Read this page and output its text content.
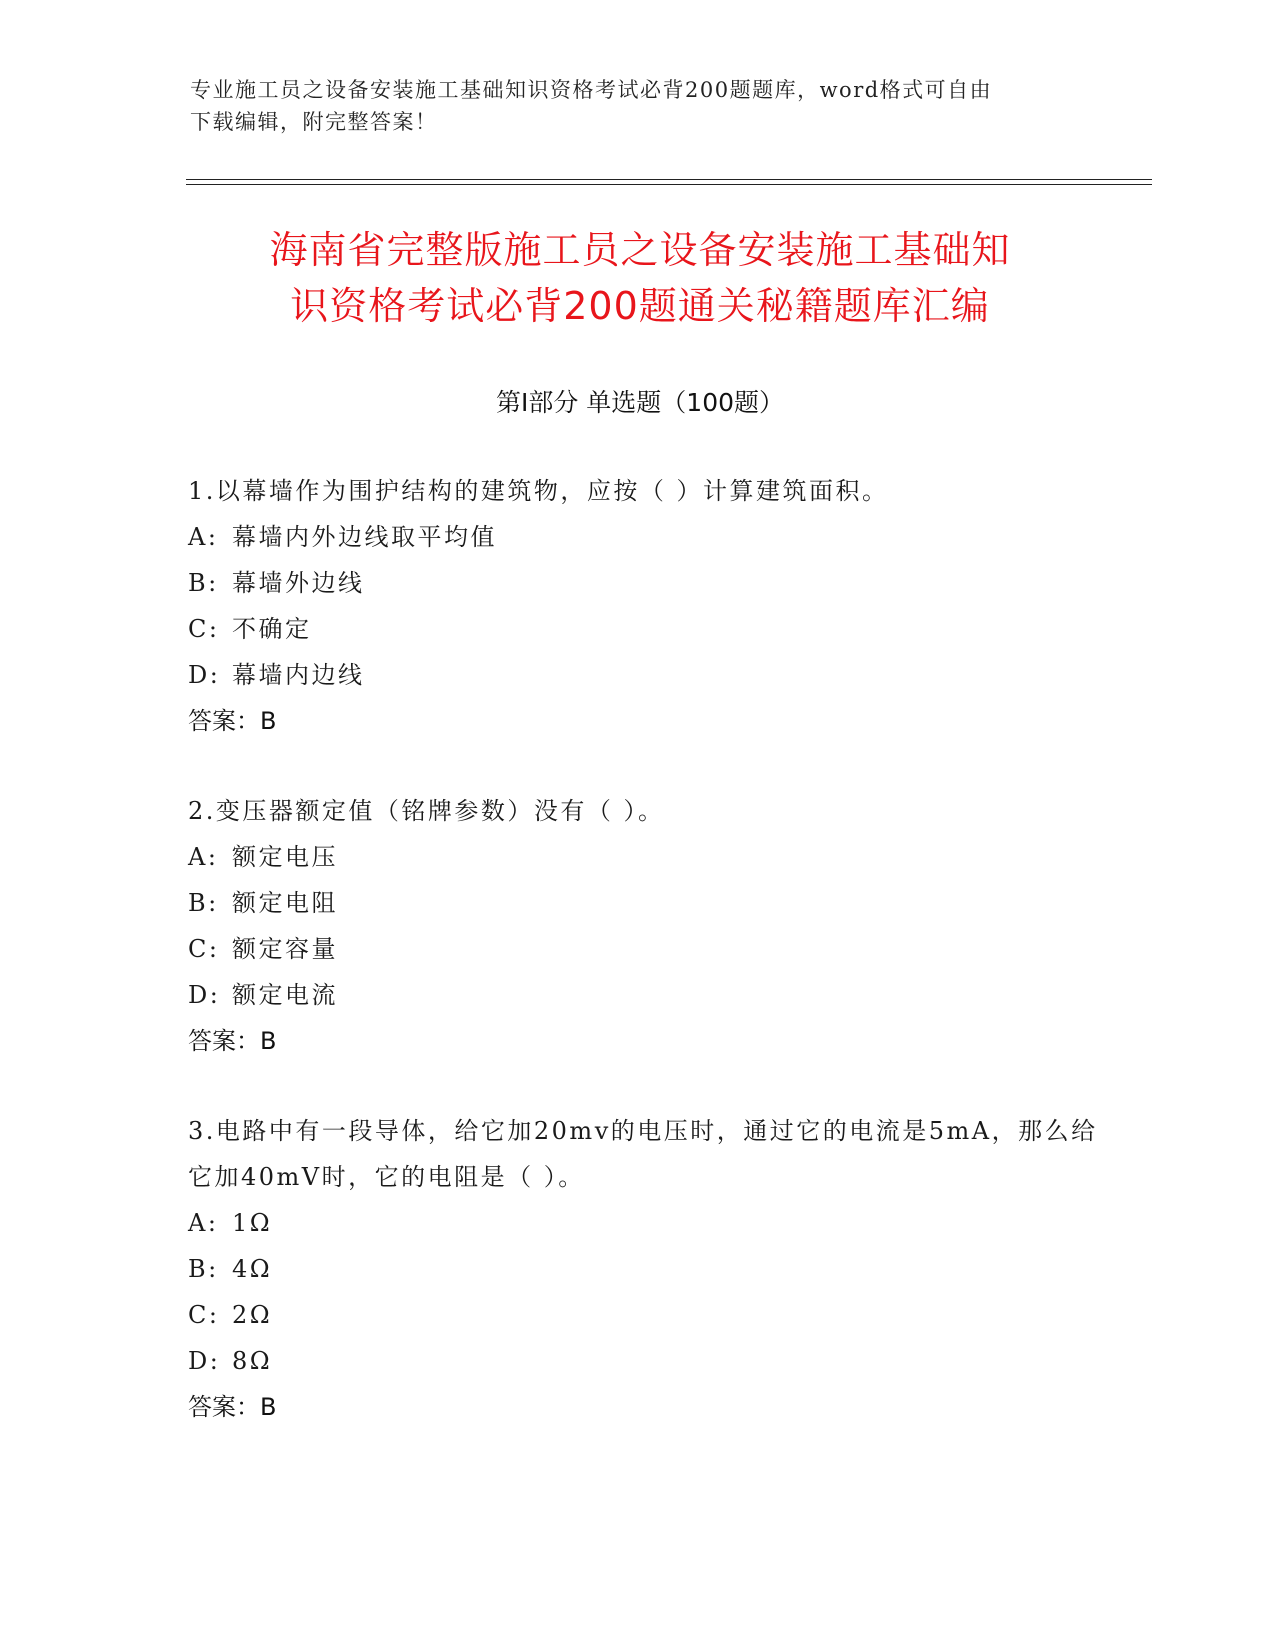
专业施工员之设备安装施工基础知识资格考试必背200题题库，word格式可自由
下载编辑，附完整答案！
海南省完整版施工员之设备安装施工基础知
识资格考试必背200题通关秘籍题库汇编
第Ⅰ部分 单选题（100题）
1.以幕墙作为围护结构的建筑物，应按（ ）计算建筑面积。
A: 幕墙内外边线取平均值
B: 幕墙外边线
C: 不确定
D: 幕墙内边线
答案：B
2.变压器额定值（铭牌参数）没有（ ）。
A: 额定电压
B: 额定电阻
C: 额定容量
D: 额定电流
答案：B
3.电路中有一段导体，给它加20mv的电压时，通过它的电流是5mA，那么给它加40mV时，它的电阻是（ ）。
A: 1Ω
B: 4Ω
C: 2Ω
D: 8Ω
答案：B
